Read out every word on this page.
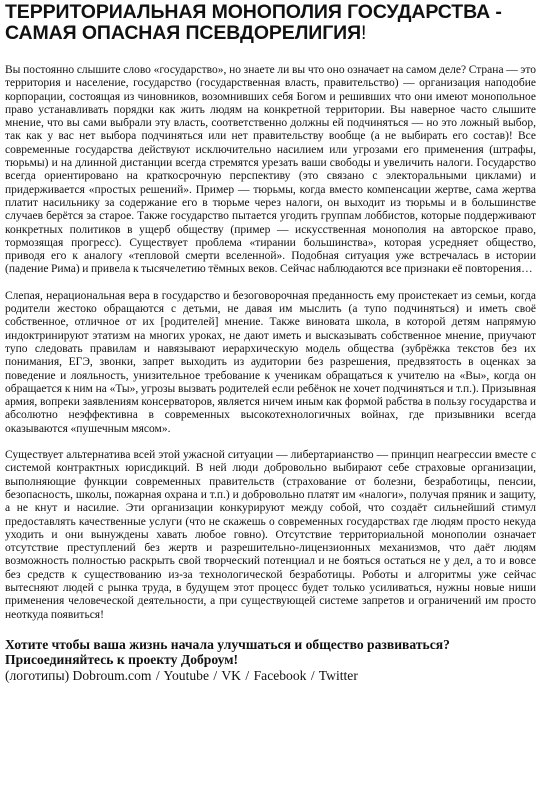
ТЕРРИТОРИАЛЬНАЯ МОНОПОЛИЯ ГОСУДАРСТВА - САМАЯ ОПАСНАЯ ПСЕВДОРЕЛИГИЯ!

Вы постоянно слышите слово «государство», но знаете ли вы что оно означает на самом деле? Страна — это территория и население, государство (государственная власть, правительство) — организация наподобие корпорации, состоящая из чиновников, возомнивших себя Богом и решивших что они имеют монопольное право устанавливать порядки как жить людям на конкретной территории. Вы наверное часто слышите мнение, что вы сами выбрали эту власть, соответственно должны ей подчиняться — но это ложный выбор, так как у вас нет выбора подчиняться или нет правительству вообще (а не выбирать его состав)! Все современные государства действуют исключительно насилием или угрозами его применения (штрафы, тюрьмы) и на длинной дистанции всегда стремятся урезать ваши свободы и увеличить налоги. Государство всегда ориентировано на краткосрочную перспективу (это связано с электоральными циклами) и придерживается «простых решений». Пример — тюрьмы, когда вместо компенсации жертве, сама жертва платит насильнику за содержание его в тюрьме через налоги, он выходит из тюрьмы и в большинстве случаев берётся за старое. Также государство пытается угодить группам лоббистов, которые поддерживают конкретных политиков в ущерб обществу (пример — искусственная монополия на авторское право, тормозящая прогресс). Существует проблема «тирании большинства», которая усредняет общество, приводя его к аналогу «тепловой смерти вселенной». Подобная ситуация уже встречалась в истории (падение Рима) и привела к тысячелетию тёмных веков. Сейчас наблюдаются все признаки её повторения…

Слепая, нерациональная вера в государство и безоговорочная преданность ему проистекает из семьи, когда родители жестоко обращаются с детьми, не давая им мыслить (а тупо подчиняться) и иметь своё собственное, отличное от их [родителей] мнение. Также виновата школа, в которой детям напрямую индоктринируют этатизм на многих уроках, не дают иметь и высказывать собственное мнение, приучают тупо следовать правилам и навязывают иерархическую модель общества (зубрёжка текстов без их понимания, ЕГЭ, звонки, запрет выходить из аудитории без разрешения, предвзятость в оценках за поведение и лояльность, унизительное требование к ученикам обращаться к учителю на «Вы», когда он обращается к ним на «Ты», угрозы вызвать родителей если ребёнок не хочет подчиняться и т.п.). Призывная армия, вопреки заявлениям консерваторов, является ничем иным как формой рабства в пользу государства и абсолютно неэффективна в современных высокотехнологичных войнах, где призывники всегда оказываются «пушечным мясом».

Существует альтернатива всей этой ужасной ситуации — либертарианство — принцип неагрессии вместе с системой контрактных юрисдикций. В ней люди добровольно выбирают себе страховые организации, выполняющие функции современных правительств (страхование от болезни, безработицы, пенсии, безопасность, школы, пожарная охрана и т.п.) и добровольно платят им «налоги», получая пряник и защиту, а не кнут и насилие. Эти организации конкурируют между собой, что создаёт сильнейший стимул предоставлять качественные услуги (что не скажешь о современных государствах где людям просто некуда уходить и они вынуждены хавать любое говно). Отсутствие территориальной монополии означает отсутствие преступлений без жертв и разрешительно-лицензионных механизмов, что даёт людям возможность полностью раскрыть свой творческий потенциал и не бояться остаться не у дел, а то и вовсе без средств к существованию из-за технологической безработицы. Роботы и алгоритмы уже сейчас вытесняют людей с рынка труда, в будущем этот процесс будет только усиливаться, нужны новые ниши применения человеческой деятельности, а при существующей системе запретов и ограничений им просто неоткуда появиться!

Хотите чтобы ваша жизнь начала улучшаться и общество развиваться? Присоединяйтесь к проекту Доброум!

(логотипы) Dobroum.com / Youtube / VK / Facebook / Twitter
